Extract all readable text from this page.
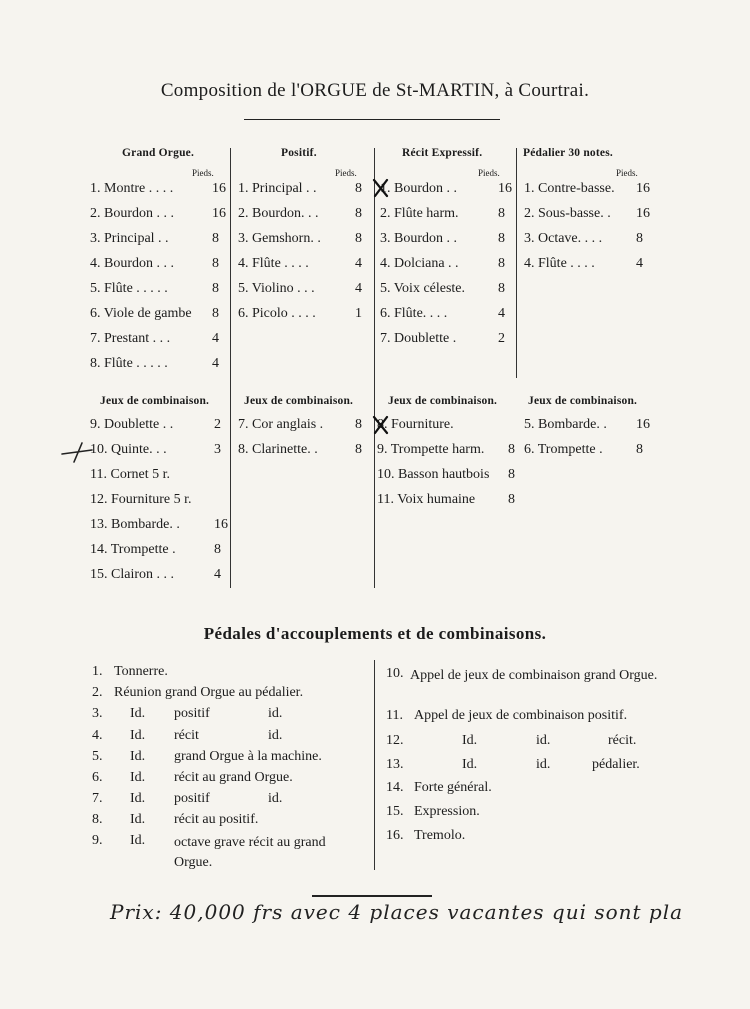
Composition de l'ORGUE de St-MARTIN, à Courtrai.
Grand Orgue.
Pieds.
1. Montre . . . .	16
2. Bourdon . . .	16
3. Principal . .	8
4. Bourdon . . .	8
5. Flûte . . . . .	8
6. Viole de gambe 8
7. Prestant . . .	4
8. Flûte . . . . .	4
Positif.
Pieds.
1. Principal . .	8
2. Bourdon. . .	8
3. Gemshorn. . 8
4. Flûte . . . .	4
5. Violino . . .	4
6. Picolo . . . .	1
Récit Expressif.
Pieds.
1. Bourdon . .	16
2. Flûte harm.	8
3. Bourdon . .	8
4. Dolciana . .	8
5. Voix céleste. 8
6. Flûte. . . .	4
7. Doublette .	2
Pédalier 30 notes.
Pieds.
1. Contre-basse. 16
2. Sous-basse. . 16
3. Octave. . . . 8
4. Flûte . . . .	4
Jeux de combinaison.
9. Doublette . .	2
10. Quinte. . .	3
11. Cornet 5 r.
12. Fourniture 5 r.
13. Bombarde. . 16
14. Trompette .	8
15. Clairon . . .	4
Jeux de combinaison.
7. Cor anglais . 8
8. Clarinette. .	8
Jeux de combinaison.
8. Fourniture.
9. Trompette harm. 8
10. Basson hautbois 8
11. Voix humaine 8
Jeux de combinaison.
5. Bombarde. . 16
6. Trompette . 8
Pédales d'accouplements et de combinaisons.
1. Tonnerre.
2. Réunion grand Orgue au pédalier.
3. Id. positif	id.
4. Id. récit	id.
5. Id. grand Orgue à la machine.
6. Id. récit au grand Orgue.
7. Id. positif	id.
8. Id. récit au positif.
9. Id. octave grave récit au grand Orgue.
10. Appel de jeux de combinaison grand Orgue.
11. Appel de jeux de combinaison positif.
12.	Id.	id.	récit.
13.	Id.	id.	pédalier.
14. Forte général.
15. Expression.
16. Tremolo.
Prix: 40,000 frs avec 4 places vacantes qui sont pla
